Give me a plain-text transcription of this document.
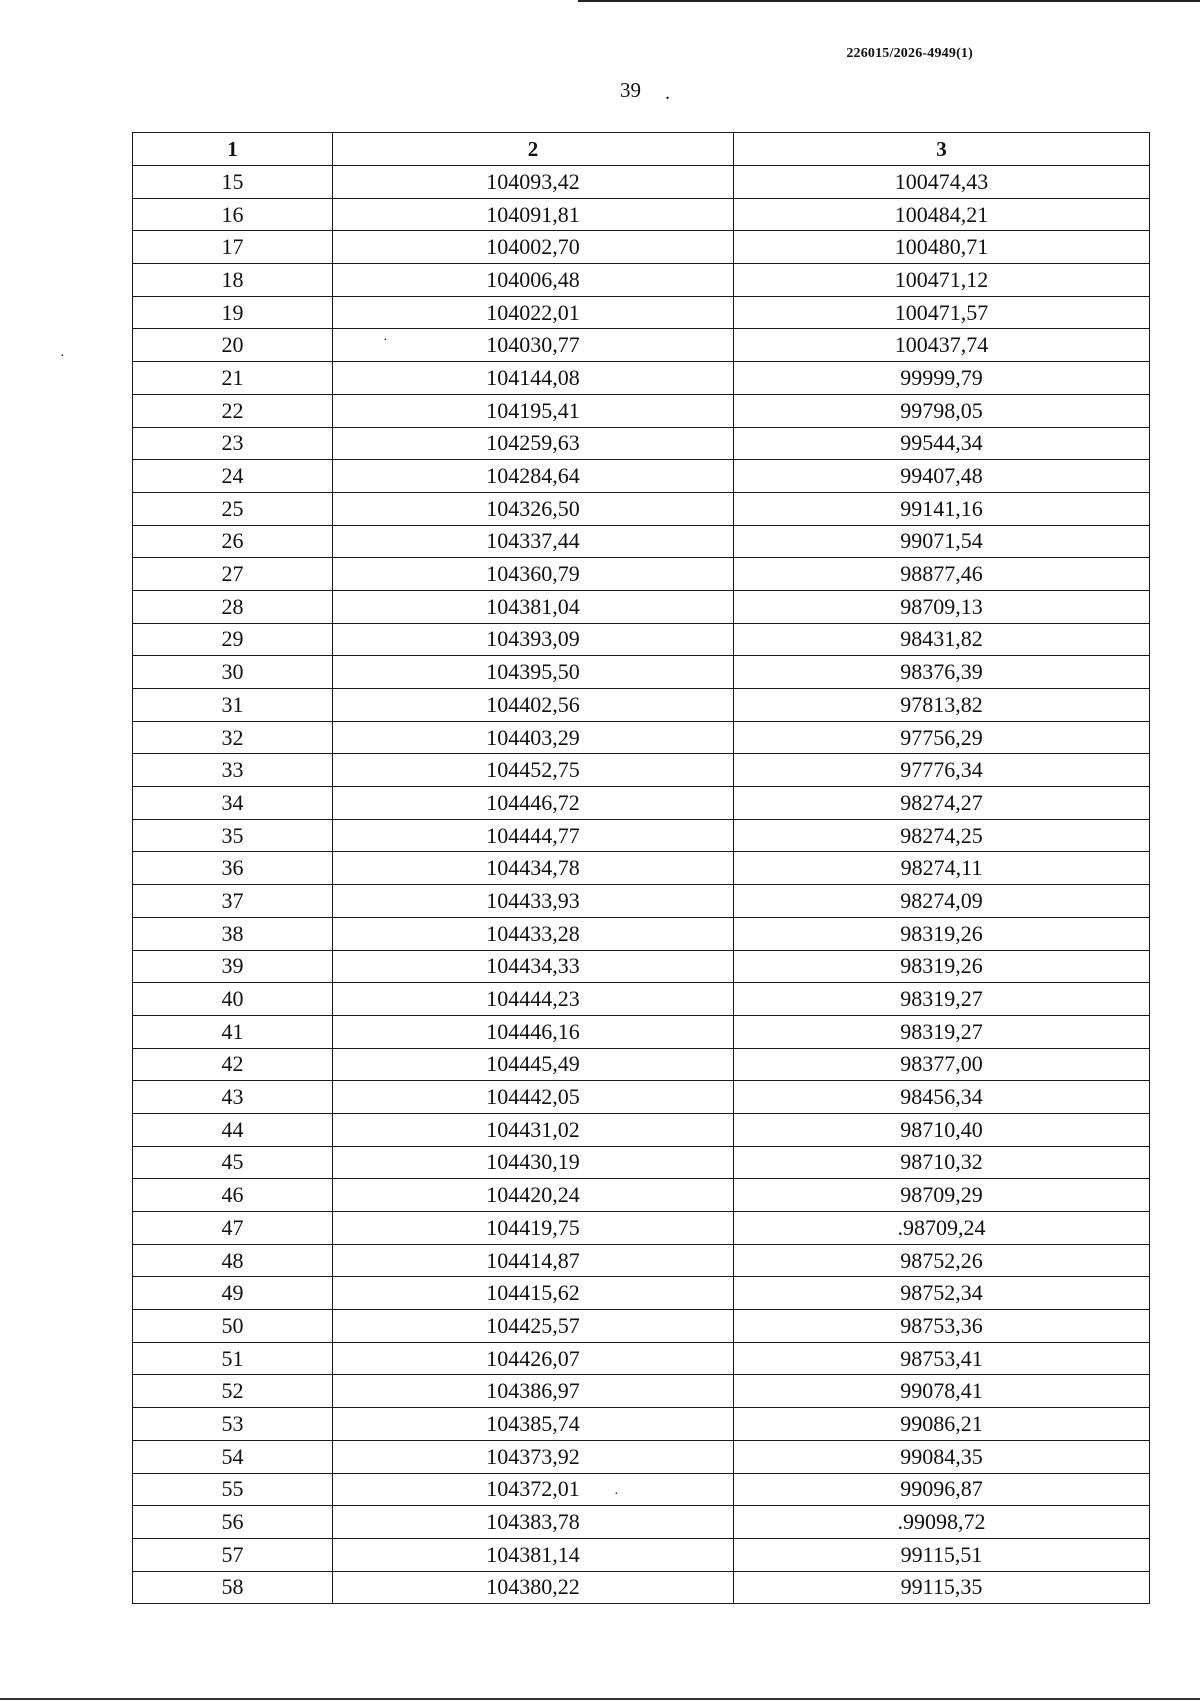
226015/2026-4949(1)
39 .
·
·
·
1	2	3
15	104093,42	100474,43
16	104091,81	100484,21
17	104002,70	100480,71
18	104006,48	100471,12
19	104022,01	100471,57
20	104030,77	100437,74
21	104144,08	99999,79
22	104195,41	99798,05
23	104259,63	99544,34
24	104284,64	99407,48
25	104326,50	99141,16
26	104337,44	99071,54
27	104360,79	98877,46
28	104381,04	98709,13
29	104393,09	98431,82
30	104395,50	98376,39
31	104402,56	97813,82
32	104403,29	97756,29
33	104452,75	97776,34
34	104446,72	98274,27
35	104444,77	98274,25
36	104434,78	98274,11
37	104433,93	98274,09
38	104433,28	98319,26
39	104434,33	98319,26
40	104444,23	98319,27
41	104446,16	98319,27
42	104445,49	98377,00
43	104442,05	98456,34
44	104431,02	98710,40
45	104430,19	98710,32
46	104420,24	98709,29
47	104419,75	.98709,24
48	104414,87	98752,26
49	104415,62	98752,34
50	104425,57	98753,36
51	104426,07	98753,41
52	104386,97	99078,41
53	104385,74	99086,21
54	104373,92	99084,35
55	104372,01	99096,87
56	104383,78	.99098,72
57	104381,14	99115,51
58	104380,22	99115,35
